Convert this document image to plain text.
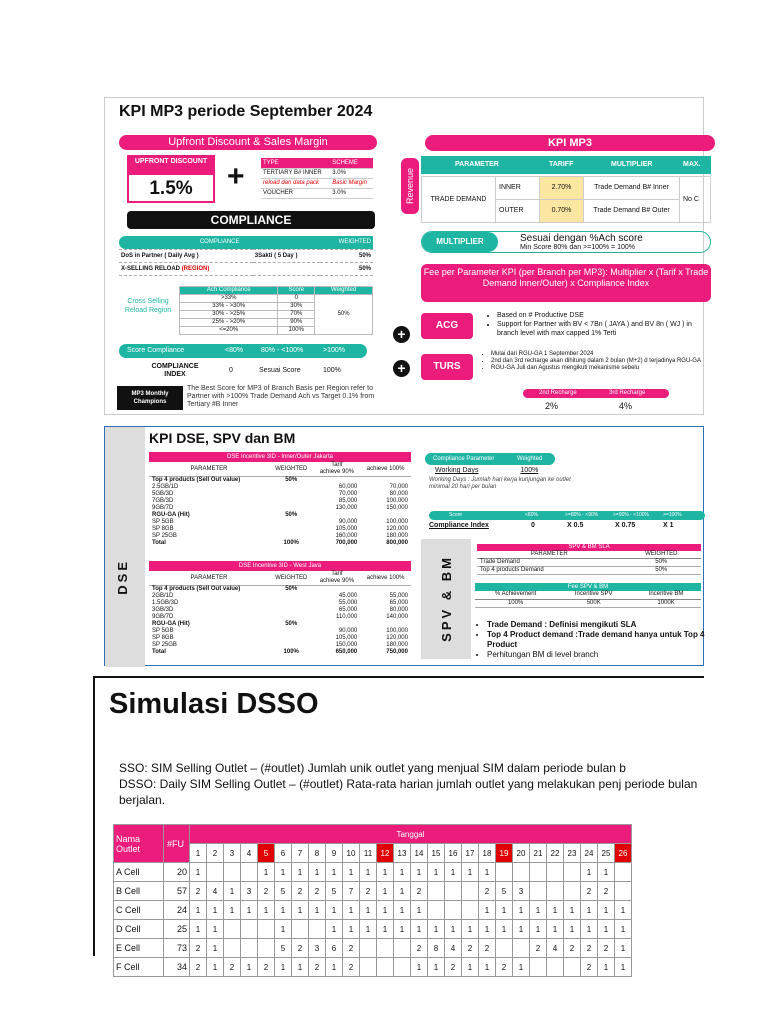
KPI MP3 periode September 2024
Upfront Discount & Sales Margin
UPFRONT DISCOUNT
1.5%	+	TYPE	SCHEME
TERTIARY B# INNER	3.0%
reload dan data pack	Basic Margin
VOUCHER	3.0%
COMPLIANCE
COMPLIANCE		WEIGHTED
DoS in Partner ( Daily Avg )	3Sakti ( 5 Day )	50%
X-SELLING RELOAD (REGION)		50%
Cross Selling Reload Region
Ach Compliance	Score	Weighted
>33%	0	50%
33% - >30%	30%	
30% - >25%	70%	
25% - >20%	90%	
<=20%	100%	
Score Compliance	<80%	80% - <100%	>100%
COMPLIANCE INDEX
0	Sesuai Score	100%
MP3 Monthly Champions
The Best Score for MP3 of Branch Basis per Region refer to Partner with >100% Trade Demand Ach vs Target 0.1% from Tertiary #B Inner
Revenue
KPI MP3
PARAMETER	TARIFF	MULTIPLIER	MAX.
TRADE DEMAND	INNER	2.70%	Trade Demand B# Inner	No C
	OUTER	0.70%	Trade Demand B# Outer	
MULTIPLIER	Sesuai dengan %Ach score
Min Score 80% dan >=100% = 100%
Fee per Parameter KPI (per Branch per MP3): Multiplier x (Tarif x Trade Demand Inner/Outer) x Compliance Index
+
ACG
• Based on # Productive DSE
• Support for Partner with BV < 7Bn ( JAYA ) and BV 8n ( WJ ) in branch level with max capped 1% Terti
+	TURS
• Mulai dari RGU-GA 1 September 2024
• 2nd dan 3rd recharge akan dihitung dalam 2 bulan (M+2) d terjadinya RGU-GA
• RGU-GA Juli dan Agustus mengikuti mekanisme sebelu
2nd Recharge	3rd Recharge
2%	4%
DSE
KPI DSE, SPV dan BM
DSE Incentive 3ID - Inner/Outer Jakarta			
PARAMETER	WEIGHTED	Tarif
achieve 90%	achieve 100%
Top 4 products (Sell Out value)	50%		
2.5GB/1D		60,000	70,000
5GB/3D		70,000	80,000
7GB/3D		85,000	100,000
9GB/7D		130,000	150,000
RGU-GA (Hit)	50%		
SP 5GB		90,000	100,000
SP 8GB		105,000	120,000
SP 25GB		160,000	180,000
Total	100%	700,000	800,000
DSE Incentive 3ID - West Java			
PARAMETER	WEIGHTED	Tarif
achieve 90%	achieve 100%
Top 4 products (Sell Out value)	50%		
2GB/1D		45,000	55,000
1.5GB/3D		55,000	65,000
3GB/3D		65,000	80,000
9GB/7D		110,000	140,000
RGU-GA (Hit)	50%		
SP 5GB		90,000	100,000
SP 8GB		105,000	120,000
SP 25GB		150,000	180,000
Total	100%	650,000	750,000
Compliance Parameter	Weighted
Working Days	100%
Working Days : Jumlah hari kerja kunjungan ke outlet minimal 20 hari per bulan
Score	<80%	>=80% - <90%	>=90% - <100%	>=100%
Compliance Index	0	X 0.5	X 0.75	X 1
SPV & BM
SPV & BM SLA	
PARAMETER	WEIGHTED
Trade Demand	50%
Top 4 products Demand	50%
Fee SPV & BM		
% Achievement	Incentive SPV	Incentive BM
100%	500K	1000K
• Trade Demand : Definisi mengikuti SLA
• Top 4 Product demand :Trade demand hanya untuk Top 4 Product
• Perhitungan BM di level branch
Simulasi DSSO
SSO: SIM Selling Outlet – (#outlet) Jumlah unik outlet yang menjual SIM dalam periode bulan b
DSSO: Daily SIM Selling Outlet – (#outlet) Rata-rata harian jumlah outlet yang melakukan penj periode bulan berjalan.
Nama Outlet	#FU	Tanggal																									
		1	2	3	4	5	6	7	8	9	10	11	12	13	14	15	16	17	18	19	20	21	22	23	24	25	26
A Cell	20	1				1	1	1	1	1	1	1	1	1	1	1	1	1	1						1	1	
B Cell	57	2	4	1	3	2	5	2	2	5	7	2	1	1	2				2	5	3				2	2	
C Cell	24	1	1	1	1	1	1	1	1	1	1	1	1	1	1				1	1	1	1	1	1	1	1	1
D Cell	25	1	1				1			1	1	1	1	1	1	1	1	1	1	1	1	1	1	1	1	1	1
E Cell	73	2	1				5	2	3	6	2				2	8	4	2	2			2	4	2	2	2	1
F Cell	34	2	1	2	1	2	1	1	2	1	2				1	1	2	1	1	2	1				2	1	1
